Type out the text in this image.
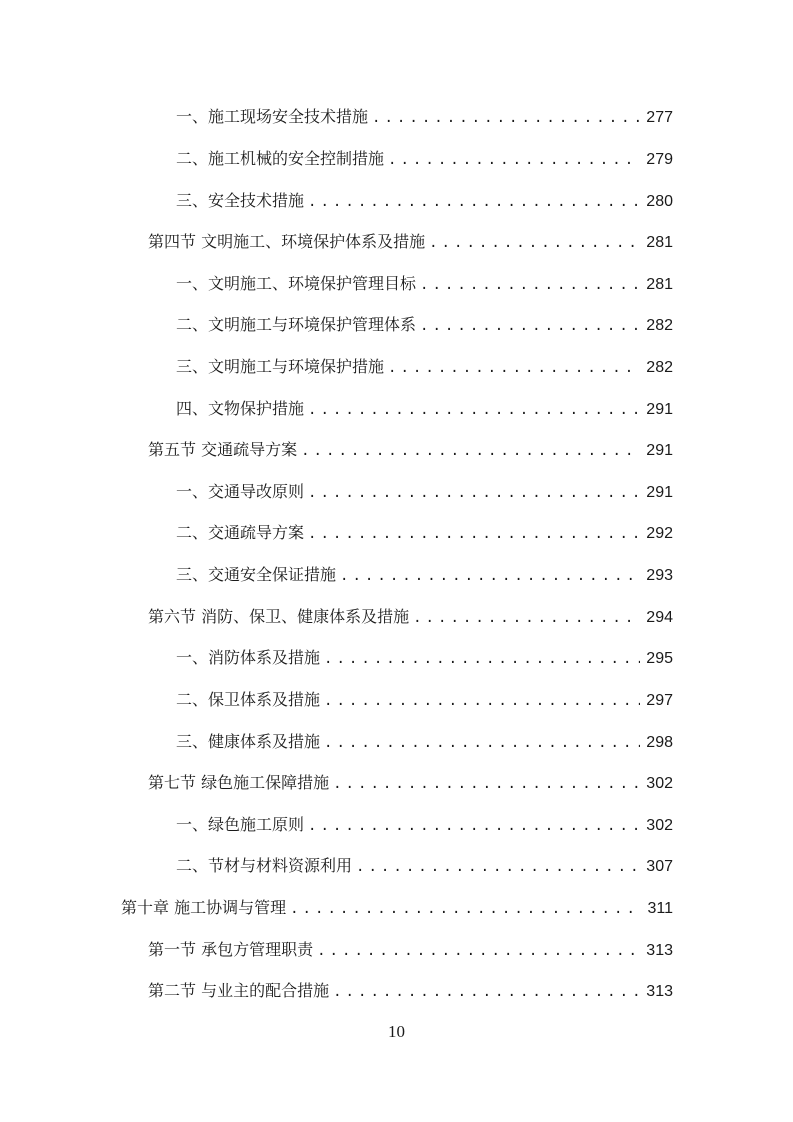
一、施工现场安全技术措施 . . .	277
二、施工机械的安全控制措施 . . .	279
三、安全技术措施 . . .	280
第四节 文明施工、环境保护体系及措施 . . .	281
一、文明施工、环境保护管理目标 . . .	281
二、文明施工与环境保护管理体系 . . .	282
三、文明施工与环境保护措施 . . .	282
四、文物保护措施 . . .	291
第五节 交通疏导方案 . . .	291
一、交通导改原则 . . .	291
二、交通疏导方案 . . .	292
三、交通安全保证措施 . . .	293
第六节 消防、保卫、健康体系及措施 . . .	294
一、消防体系及措施 . . .	295
二、保卫体系及措施 . . .	297
三、健康体系及措施 . . .	298
第七节 绿色施工保障措施 . . .	302
一、绿色施工原则 . . .	302
二、节材与材料资源利用 . . .	307
第十章 施工协调与管理 . . .	311
第一节 承包方管理职责 . . .	313
第二节 与业主的配合措施 . . .	313
10
